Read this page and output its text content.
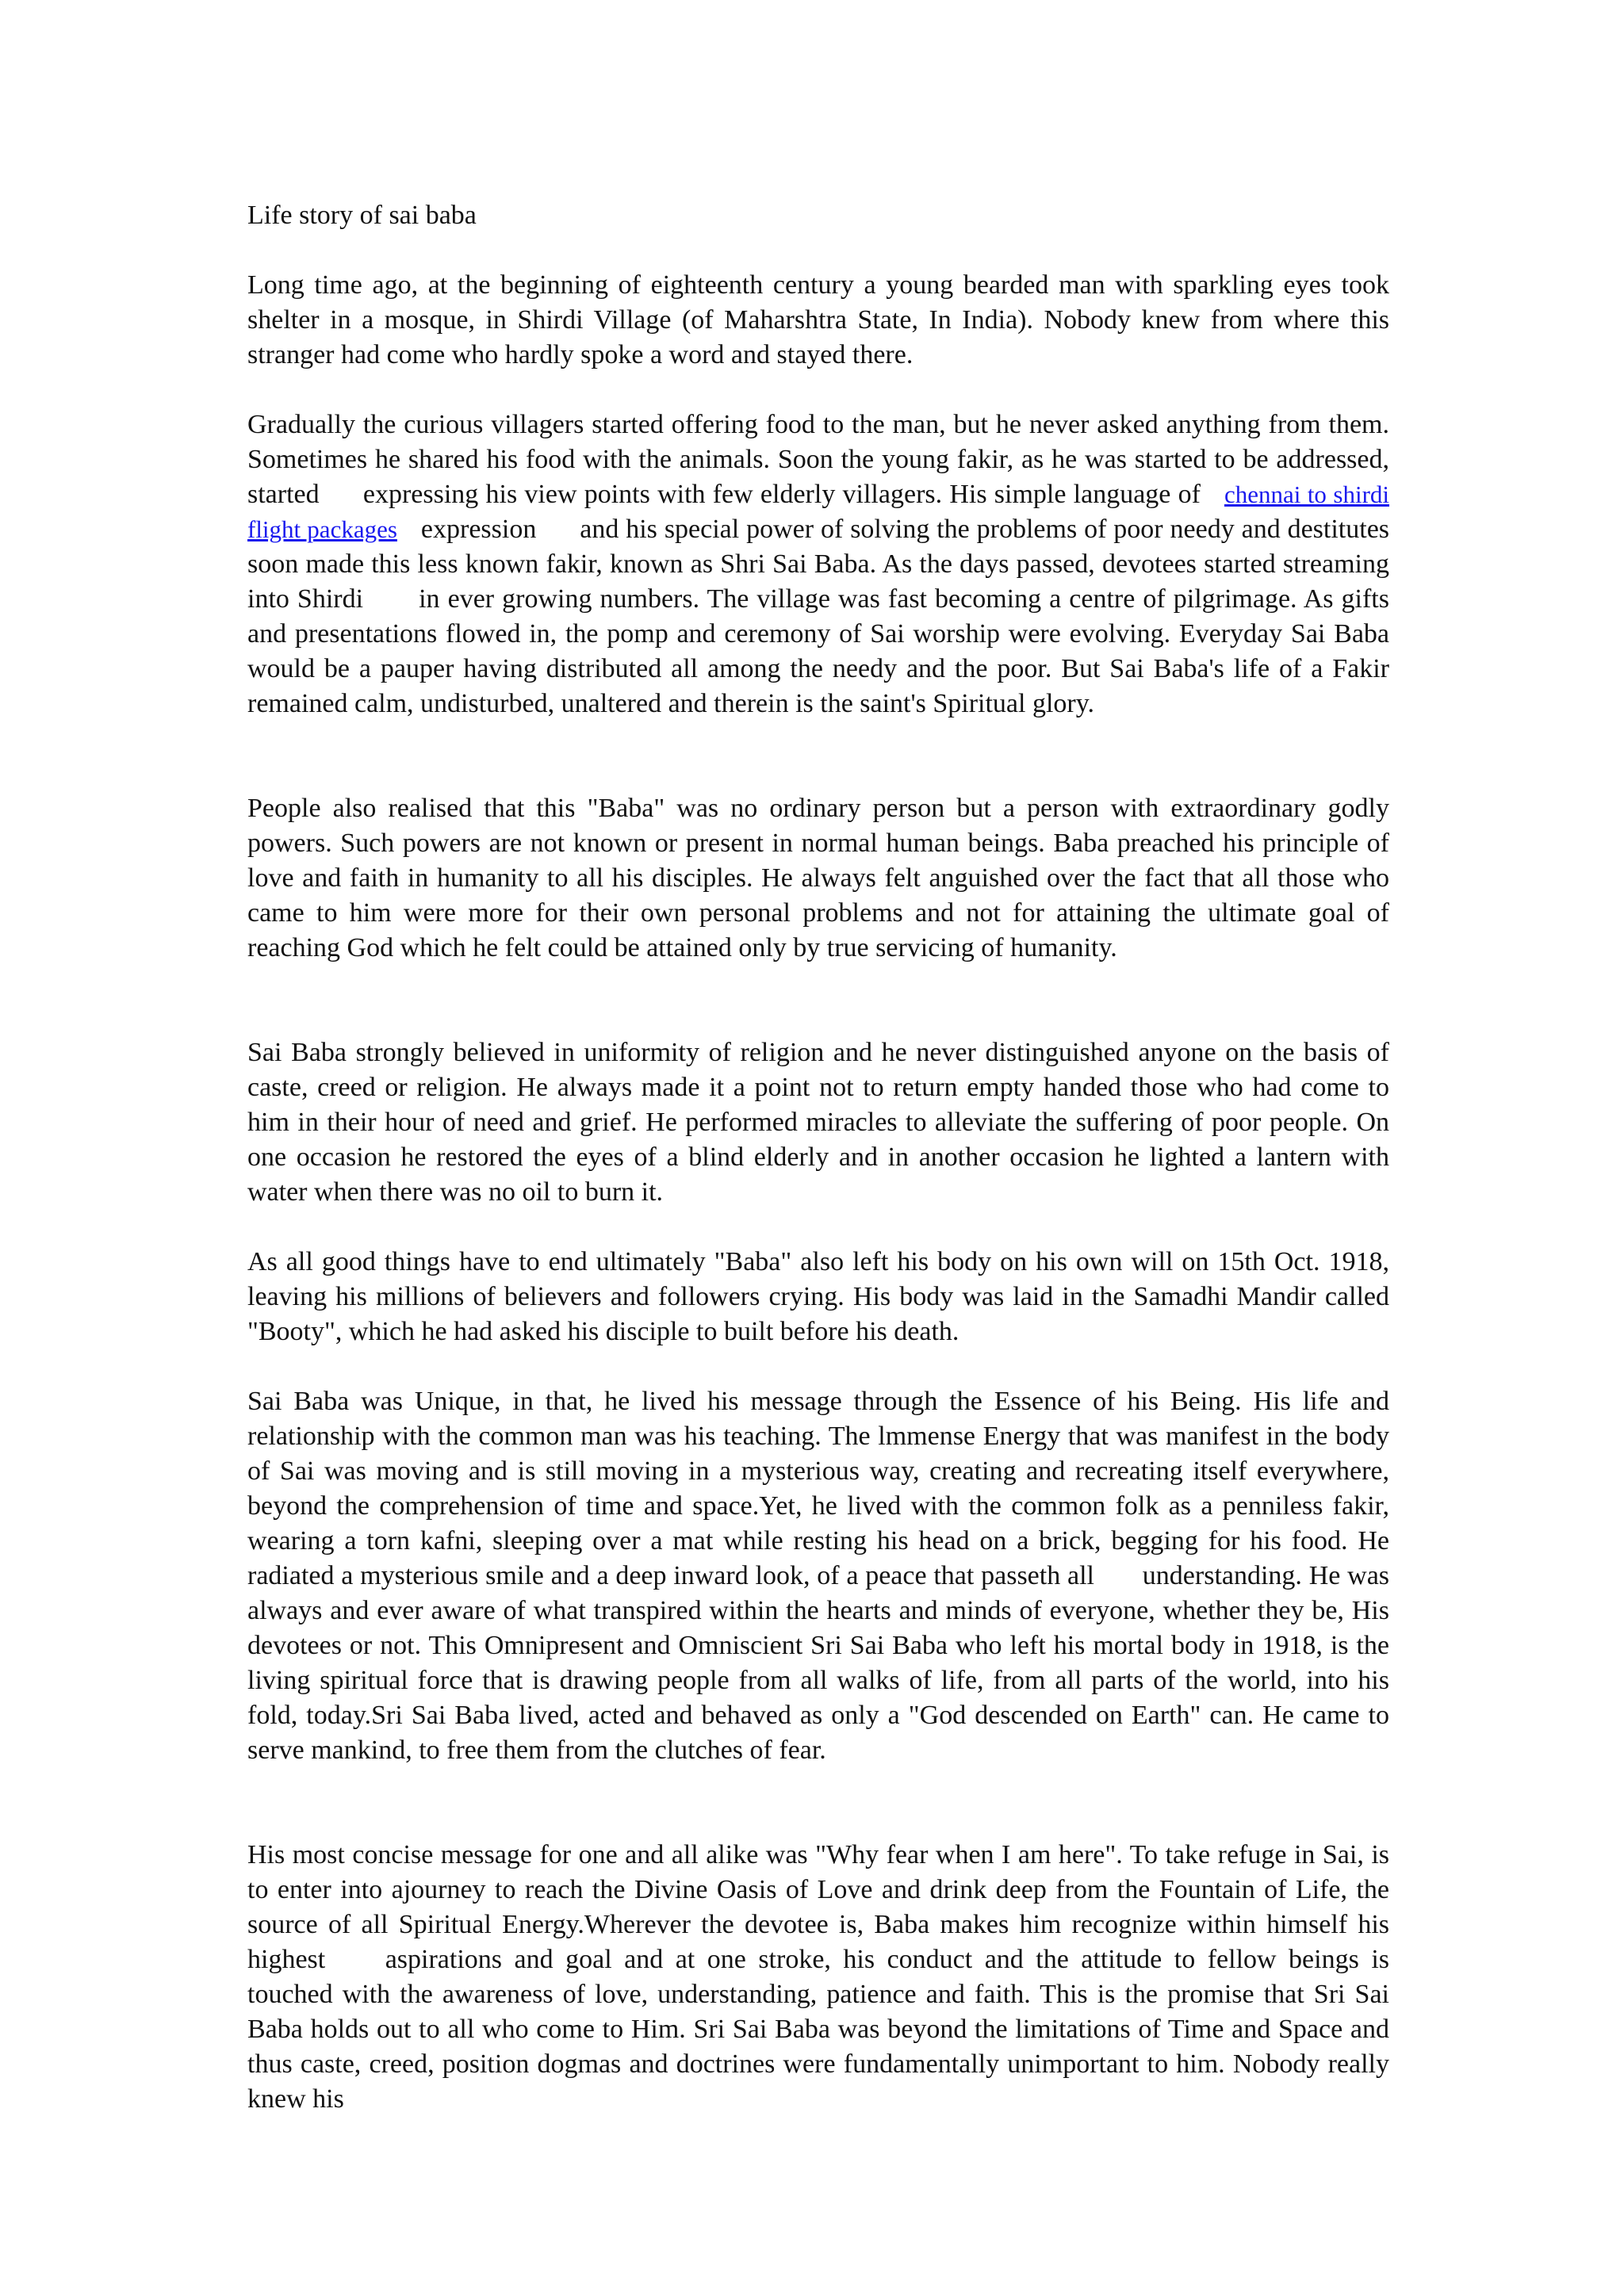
Life story of sai baba

Long time ago, at the beginning of eighteenth century a young bearded man with sparkling eyes took shelter in a mosque, in Shirdi Village (of Maharshtra State, In India). Nobody knew from where this stranger had come who hardly spoke a word and stayed there.

Gradually the curious villagers started offering food to the man, but he never asked anything from them. Sometimes he shared his food with the animals. Soon the young fakir, as he was started to be addressed, started expressing his view points with few elderly villagers. His simple language of chennai to shirdi flight packages expression and his special power of solving the problems of poor needy and destitutes soon made this less known fakir, known as Shri Sai Baba. As the days passed, devotees started streaming into Shirdi in ever growing numbers. The village was fast becoming a centre of pilgrimage. As gifts and presentations flowed in, the pomp and ceremony of Sai worship were evolving. Everyday Sai Baba would be a pauper having distributed all among the needy and the poor. But Sai Baba's life of a Fakir remained calm, undisturbed, unaltered and therein is the saint's Spiritual glory.

People also realised that this "Baba" was no ordinary person but a person with extraordinary godly powers. Such powers are not known or present in normal human beings. Baba preached his principle of love and faith in humanity to all his disciples. He always felt anguished over the fact that all those who came to him were more for their own personal problems and not for attaining the ultimate goal of reaching God which he felt could be attained only by true servicing of humanity.

Sai Baba strongly believed in uniformity of religion and he never distinguished anyone on the basis of caste, creed or religion. He always made it a point not to return empty handed those who had come to him in their hour of need and grief. He performed miracles to alleviate the suffering of poor people. On one occasion he restored the eyes of a blind elderly and in another occasion he lighted a lantern with water when there was no oil to burn it.

As all good things have to end ultimately "Baba" also left his body on his own will on 15th Oct. 1918, leaving his millions of believers and followers crying. His body was laid in the Samadhi Mandir called "Booty", which he had asked his disciple to built before his death.

Sai Baba was Unique, in that, he lived his message through the Essence of his Being. His life and relationship with the common man was his teaching. The lmmense Energy that was manifest in the body of Sai was moving and is still moving in a mysterious way, creating and recreating itself everywhere, beyond the comprehension of time and space.Yet, he lived with the common folk as a penniless fakir, wearing a torn kafni, sleeping over a mat while resting his head on a brick, begging for his food. He radiated a mysterious smile and a deep inward look, of a peace that passeth all understanding. He was always and ever aware of what transpired within the hearts and minds of everyone, whether they be, His devotees or not. This Omnipresent and Omniscient Sri Sai Baba who left his mortal body in 1918, is the living spiritual force that is drawing people from all walks of life, from all parts of the world, into his fold, today.Sri Sai Baba lived, acted and behaved as only a "God descended on Earth" can. He came to serve mankind, to free them from the clutches of fear.

His most concise message for one and all alike was "Why fear when I am here". To take refuge in Sai, is to enter into ajourney to reach the Divine Oasis of Love and drink deep from the Fountain of Life, the source of all Spiritual Energy.Wherever the devotee is, Baba makes him recognize within himself his highest aspirations and goal and at one stroke, his conduct and the attitude to fellow beings is touched with the awareness of love, understanding, patience and faith. This is the promise that Sri Sai Baba holds out to all who come to Him. Sri Sai Baba was beyond the limitations of Time and Space and thus caste, creed, position dogmas and doctrines were fundamentally unimportant to him. Nobody really knew his
